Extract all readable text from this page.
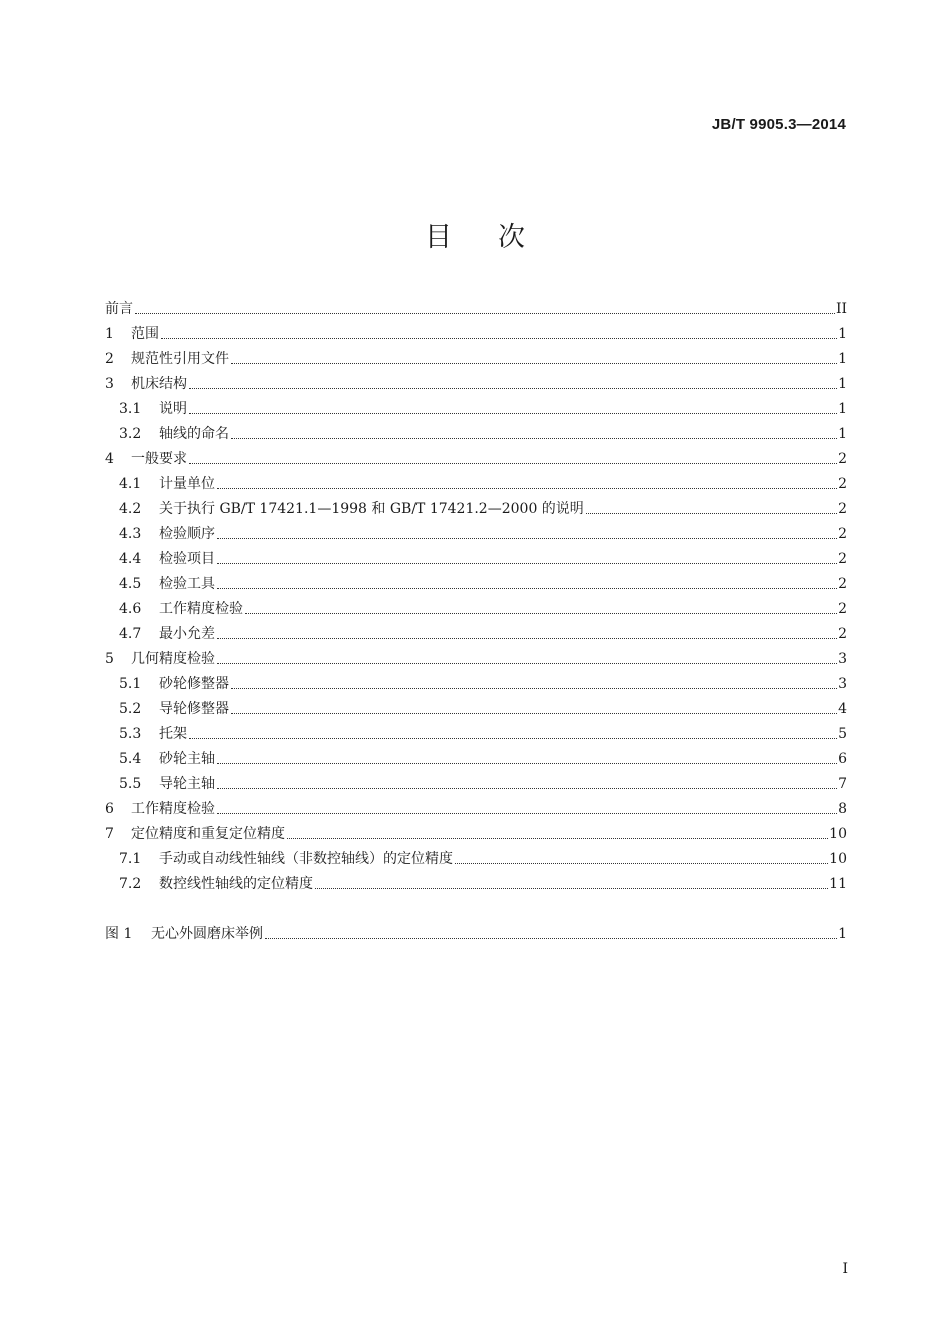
JB/T 9905.3—2014
目次
前言	II
1	范围	1
2	规范性引用文件	1
3	机床结构	1
3.1	说明	1
3.2	轴线的命名	1
4	一般要求	2
4.1	计量单位	2
4.2	关于执行 GB/T 17421.1—1998 和 GB/T 17421.2—2000 的说明	2
4.3	检验顺序	2
4.4	检验项目	2
4.5	检验工具	2
4.6	工作精度检验	2
4.7	最小允差	2
5	几何精度检验	3
5.1	砂轮修整器	3
5.2	导轮修整器	4
5.3	托架	5
5.4	砂轮主轴	6
5.5	导轮主轴	7
6	工作精度检验	8
7	定位精度和重复定位精度	10
7.1	手动或自动线性轴线（非数控轴线）的定位精度	10
7.2	数控线性轴线的定位精度	11
图 1	无心外圆磨床举例	1
I
